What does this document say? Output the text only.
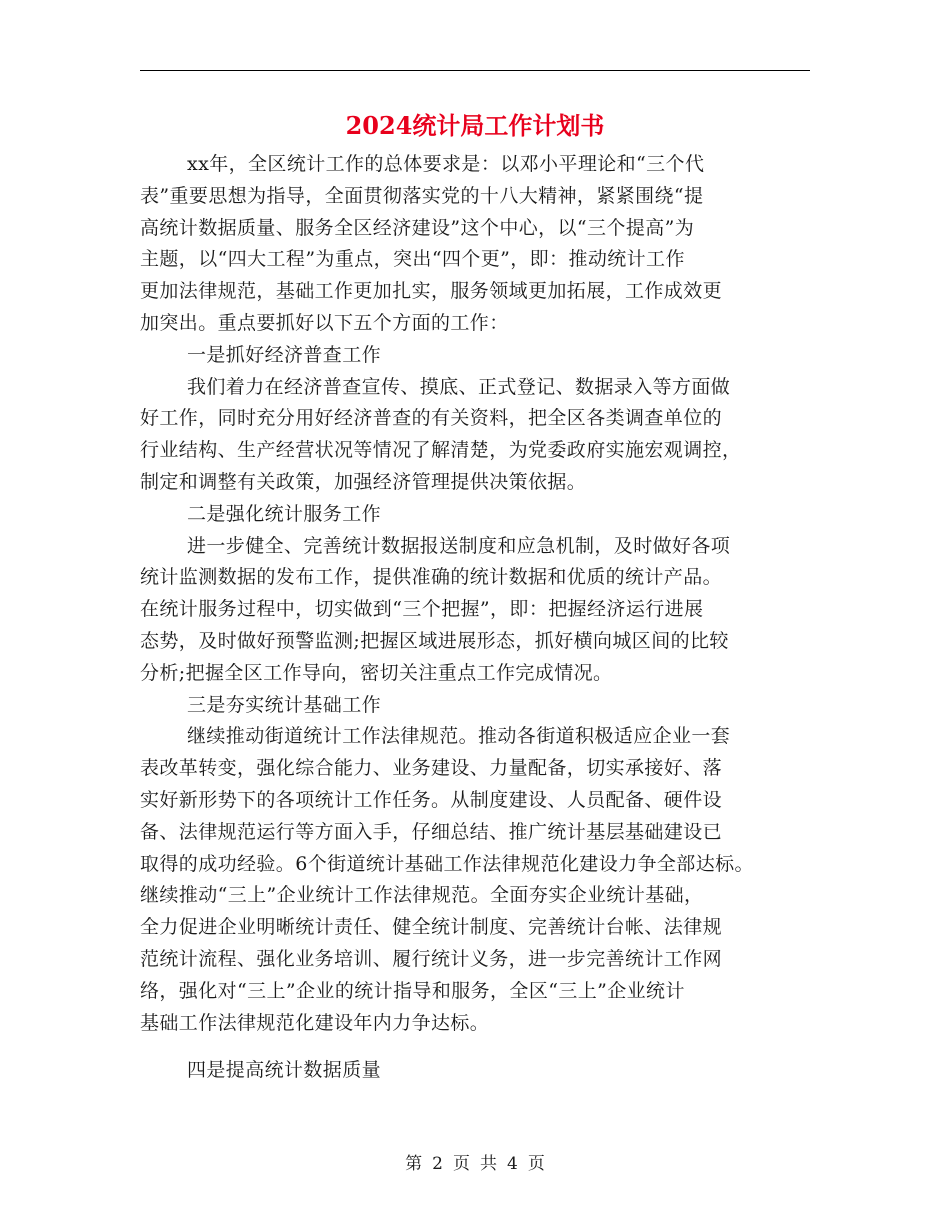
2024统计局工作计划书
xx年，全区统计工作的总体要求是：以邓小平理论和“三个代
表”重要思想为指导，全面贯彻落实党的十八大精神，紧紧围绕“提
高统计数据质量、服务全区经济建设”这个中心，以“三个提高”为
主题，以“四大工程”为重点，突出“四个更”，即：推动统计工作
更加法律规范，基础工作更加扎实，服务领域更加拓展，工作成效更
加突出。重点要抓好以下五个方面的工作：
一是抓好经济普查工作
我们着力在经济普查宣传、摸底、正式登记、数据录入等方面做
好工作，同时充分用好经济普查的有关资料，把全区各类调查单位的
行业结构、生产经营状况等情况了解清楚，为党委政府实施宏观调控，
制定和调整有关政策，加强经济管理提供决策依据。
二是强化统计服务工作
进一步健全、完善统计数据报送制度和应急机制，及时做好各项
统计监测数据的发布工作，提供准确的统计数据和优质的统计产品。
在统计服务过程中，切实做到“三个把握”，即：把握经济运行进展
态势，及时做好预警监测;把握区域进展形态，抓好横向城区间的比较
分析;把握全区工作导向，密切关注重点工作完成情况。
三是夯实统计基础工作
继续推动街道统计工作法律规范。推动各街道积极适应企业一套
表改革转变，强化综合能力、业务建设、力量配备，切实承接好、落
实好新形势下的各项统计工作任务。从制度建设、人员配备、硬件设
备、法律规范运行等方面入手，仔细总结、推广统计基层基础建设已
取得的成功经验。6个街道统计基础工作法律规范化建设力争全部达标。
继续推动“三上”企业统计工作法律规范。全面夯实企业统计基础，
全力促进企业明晰统计责任、健全统计制度、完善统计台帐、法律规
范统计流程、强化业务培训、履行统计义务，进一步完善统计工作网
络，强化对“三上”企业的统计指导和服务，全区“三上”企业统计
基础工作法律规范化建设年内力争达标。
四是提高统计数据质量
第 2 页 共 4 页
